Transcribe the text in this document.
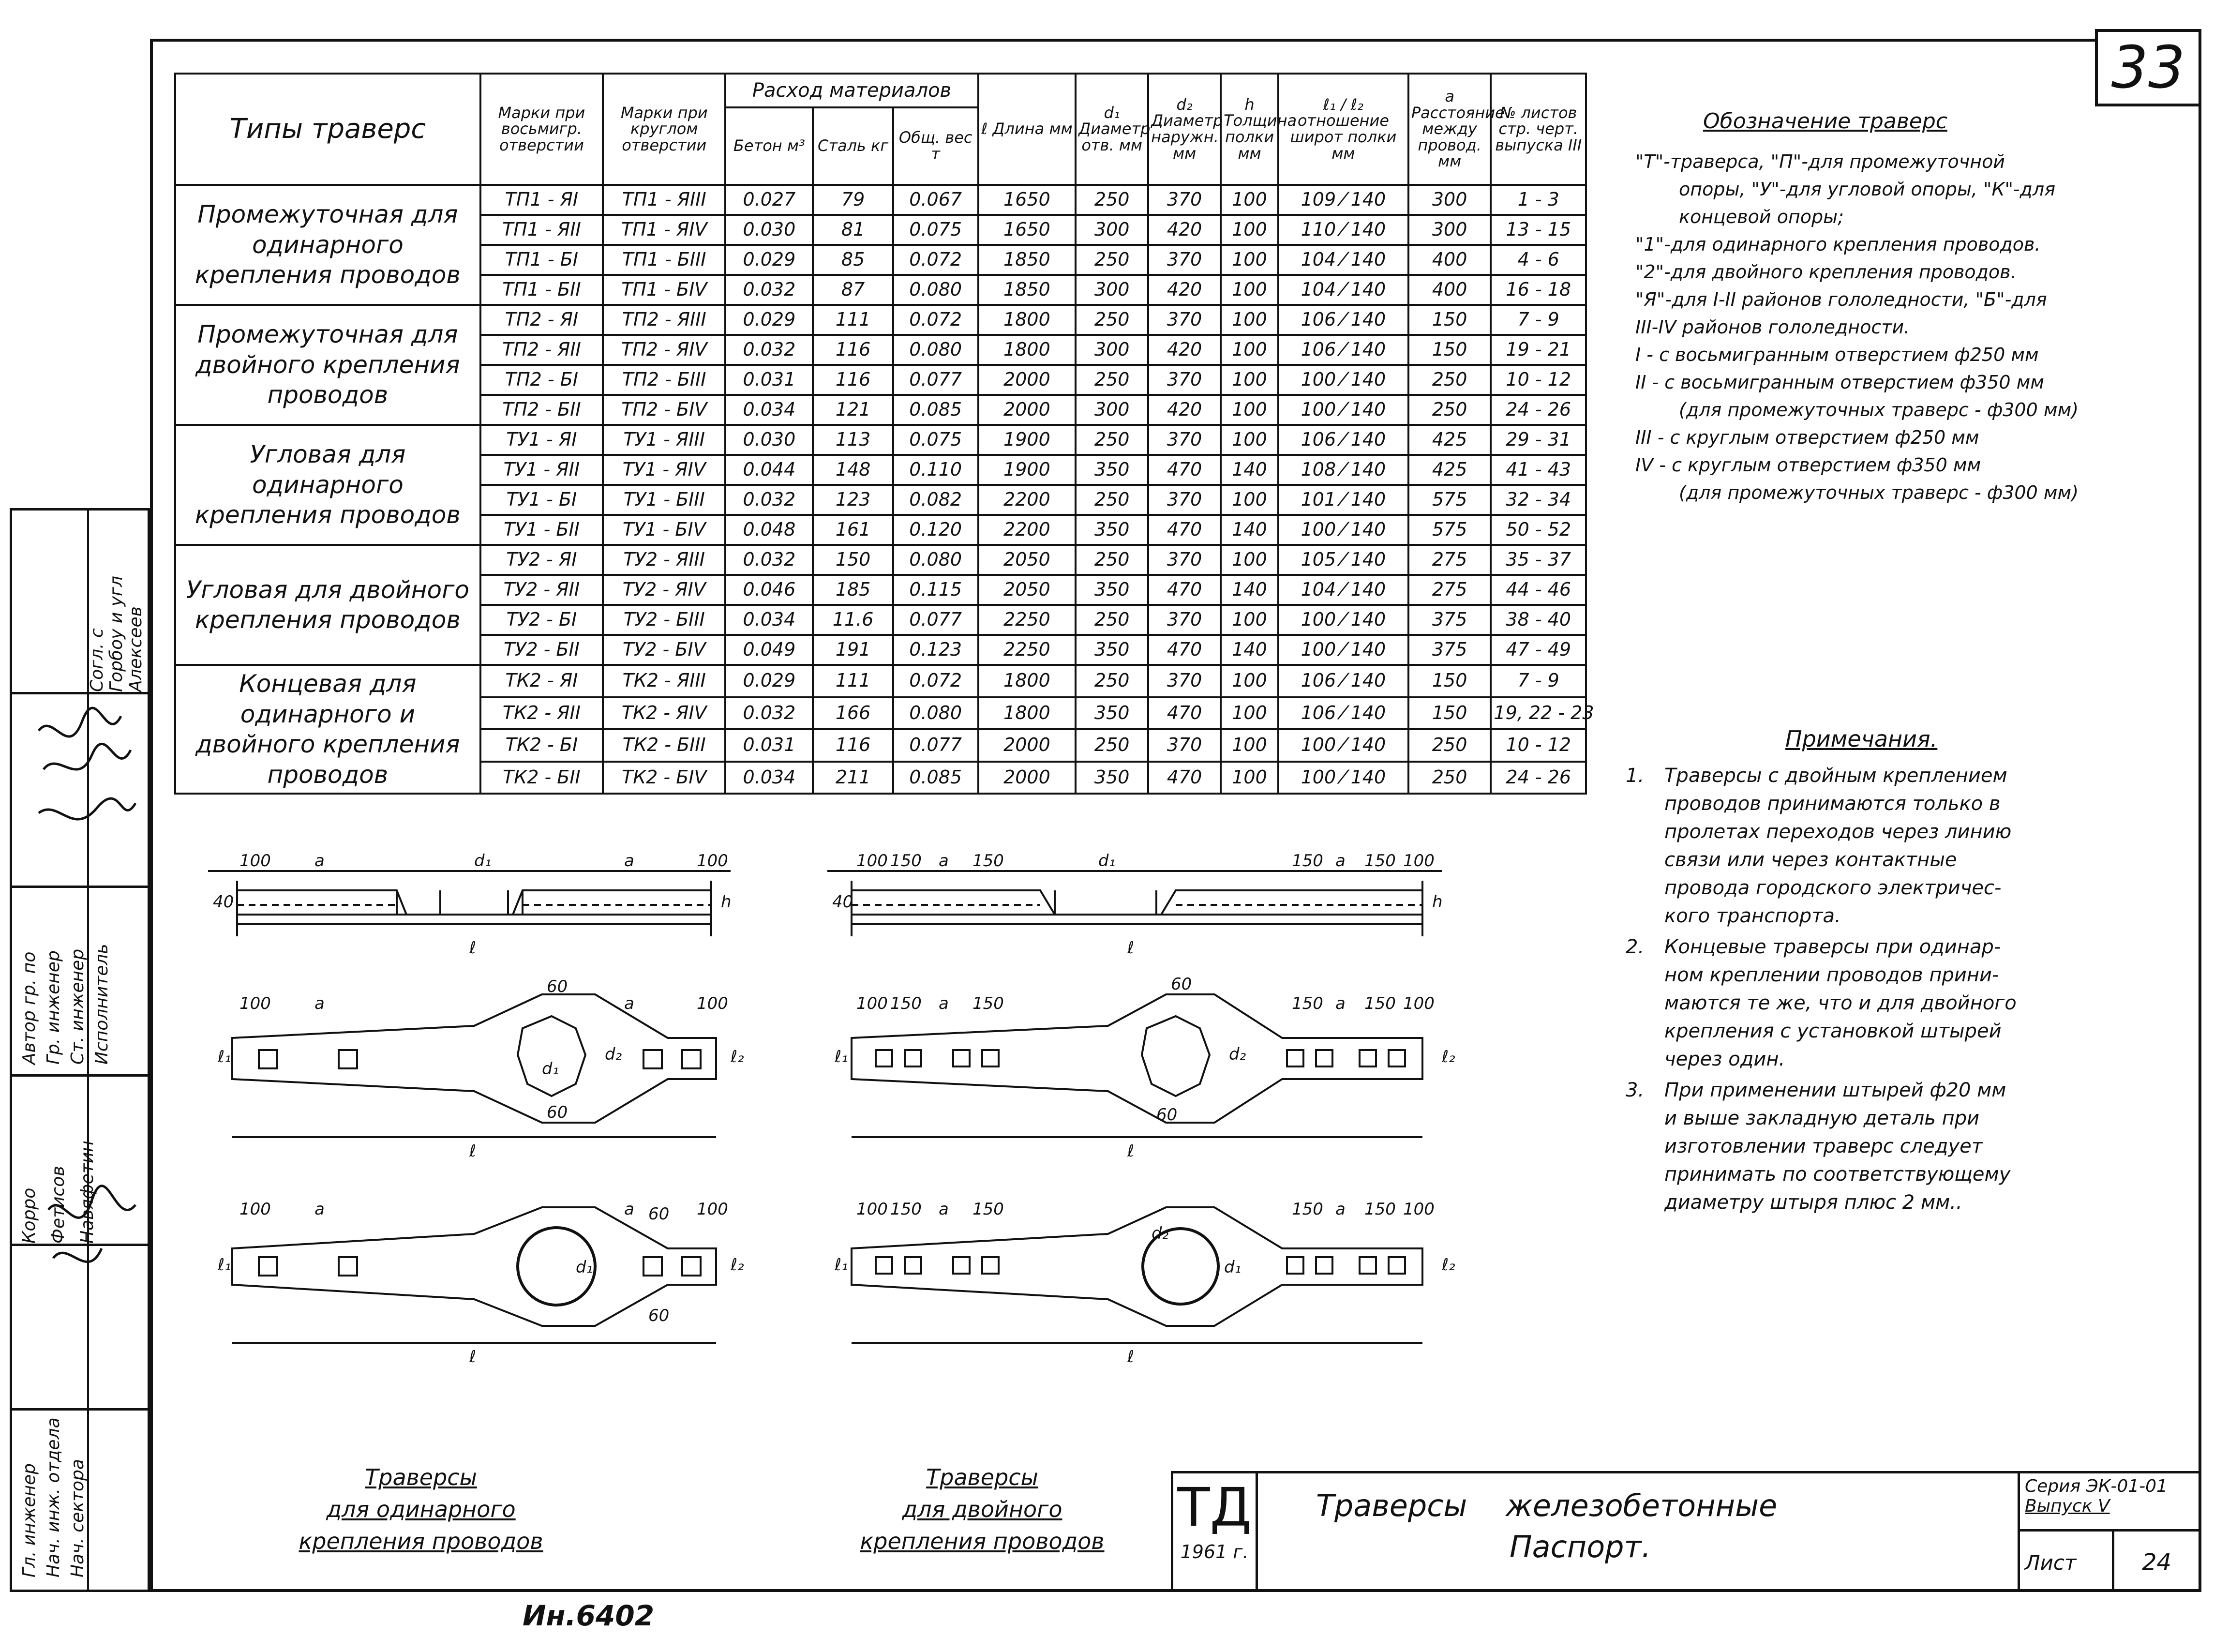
33
Гл. инженер Нач. инж. отдела Нач. сектора
Автор гр. по Гр. инженер Ст. инженер Исполнитель
Корро Фетисов Навяфетин
Согл. с Горбоу и угл Алексеев
Типы траверс	Марки при восьмигр. отверстии	Марки при круглом отверстии	Расход материалов			ℓ Длина мм	d₁ Диаметр отв. мм	d₂ Диаметр наружн. мм	h Толщина полки мм	ℓ₁ / ℓ₂ отношение широт полки мм	a Расстояние между провод. мм	№ листов стр. черт. выпуска III
			Бетон м³	Сталь кг	Общ. вес т							
Промежуточная для одинарного крепления проводов	ТП1 - ЯI	ТП1 - ЯIII	0.027	79	0.067	1650	250	370	100	109 ⁄ 140	300	1 - 3
	ТП1 - ЯII	ТП1 - ЯIV	0.030	81	0.075	1650	300	420	100	110 ⁄ 140	300	13 - 15
	ТП1 - БI	ТП1 - БIII	0.029	85	0.072	1850	250	370	100	104 ⁄ 140	400	4 - 6
	ТП1 - БII	ТП1 - БIV	0.032	87	0.080	1850	300	420	100	104 ⁄ 140	400	16 - 18
Промежуточная для двойного крепления проводов	ТП2 - ЯI	ТП2 - ЯIII	0.029	111	0.072	1800	250	370	100	106 ⁄ 140	150	7 - 9
	ТП2 - ЯII	ТП2 - ЯIV	0.032	116	0.080	1800	300	420	100	106 ⁄ 140	150	19 - 21
	ТП2 - БI	ТП2 - БIII	0.031	116	0.077	2000	250	370	100	100 ⁄ 140	250	10 - 12
	ТП2 - БII	ТП2 - БIV	0.034	121	0.085	2000	300	420	100	100 ⁄ 140	250	24 - 26
Угловая для одинарного крепления проводов	ТУ1 - ЯI	ТУ1 - ЯIII	0.030	113	0.075	1900	250	370	100	106 ⁄ 140	425	29 - 31
	ТУ1 - ЯII	ТУ1 - ЯIV	0.044	148	0.110	1900	350	470	140	108 ⁄ 140	425	41 - 43
	ТУ1 - БI	ТУ1 - БIII	0.032	123	0.082	2200	250	370	100	101 ⁄ 140	575	32 - 34
	ТУ1 - БII	ТУ1 - БIV	0.048	161	0.120	2200	350	470	140	100 ⁄ 140	575	50 - 52
Угловая для двойного крепления проводов	ТУ2 - ЯI	ТУ2 - ЯIII	0.032	150	0.080	2050	250	370	100	105 ⁄ 140	275	35 - 37
	ТУ2 - ЯII	ТУ2 - ЯIV	0.046	185	0.115	2050	350	470	140	104 ⁄ 140	275	44 - 46
	ТУ2 - БI	ТУ2 - БIII	0.034	11.6	0.077	2250	250	370	100	100 ⁄ 140	375	38 - 40
	ТУ2 - БII	ТУ2 - БIV	0.049	191	0.123	2250	350	470	140	100 ⁄ 140	375	47 - 49
Концевая для одинарного и двойного крепления проводов	ТК2 - ЯI	ТК2 - ЯIII	0.029	111	0.072	1800	250	370	100	106 ⁄ 140	150	7 - 9
	ТК2 - ЯII	ТК2 - ЯIV	0.032	166	0.080	1800	350	470	100	106 ⁄ 140	150	19, 22 - 23
	ТК2 - БI	ТК2 - БIII	0.031	116	0.077	2000	250	370	100	100 ⁄ 140	250	10 - 12
	ТК2 - БII	ТК2 - БIV	0.034	211	0.085	2000	350	470	100	100 ⁄ 140	250	24 - 26
Обозначение траверс
"Т"-траверса, "П"-для промежуточной
опоры, "У"-для угловой опоры, "К"-для
концевой опоры;
"1"-для одинарного крепления проводов.
"2"-для двойного крепления проводов.
"Я"-для I-II районов гололедности, "Б"-для
III-IV районов гололедности.
I - с восьмигранным отверстием ф250 мм
II - с восьмигранным отверстием ф350 мм
(для промежуточных траверс - ф300 мм)
III - с круглым отверстием ф250 мм
IV - с круглым отверстием ф350 мм
(для промежуточных траверс - ф300 мм)
Примечания.
1.	Траверсы с двойным креплением
проводов принимаются только в
пролетах переходов через линию
связи или через контактные
провода городского электричес-
кого транспорта.
2.	Концевые траверсы при одинар-
ном креплении проводов прини-
маются те же, что и для двойного
крепления с установкой штырей
через один.
3.	При применении штырей ф20 мм
и выше закладную деталь при
изготовлении траверс следует
принимать по соответствующему
диаметру штыря плюс 2 мм..
100	a	d₁	a	100
ℓ
h
40
100	a
60
d₂
a	100
ℓ₁	ℓ₂
ℓ
d₁
60
100	a	60
d₁
a	100
ℓ₁	ℓ₂
ℓ
60
100 150 a 150	d₁	150 a 150 100
ℓ
h
40
100 150 a 150
60
150 a 150 100
ℓ₁	ℓ₂
ℓ
d₂
60
100 150 a 150	150 a 150 100
ℓ₁	ℓ₂
ℓ
d₁
d₂
Траверсы
для одинарного
крепления проводов
Траверсы
для двойного
крепления проводов
ТД
1961 г.
Траверсы железобетонные
Паспорт.
Серия ЭК-01-01
Выпуск V
Лист	24
Ин.6402
